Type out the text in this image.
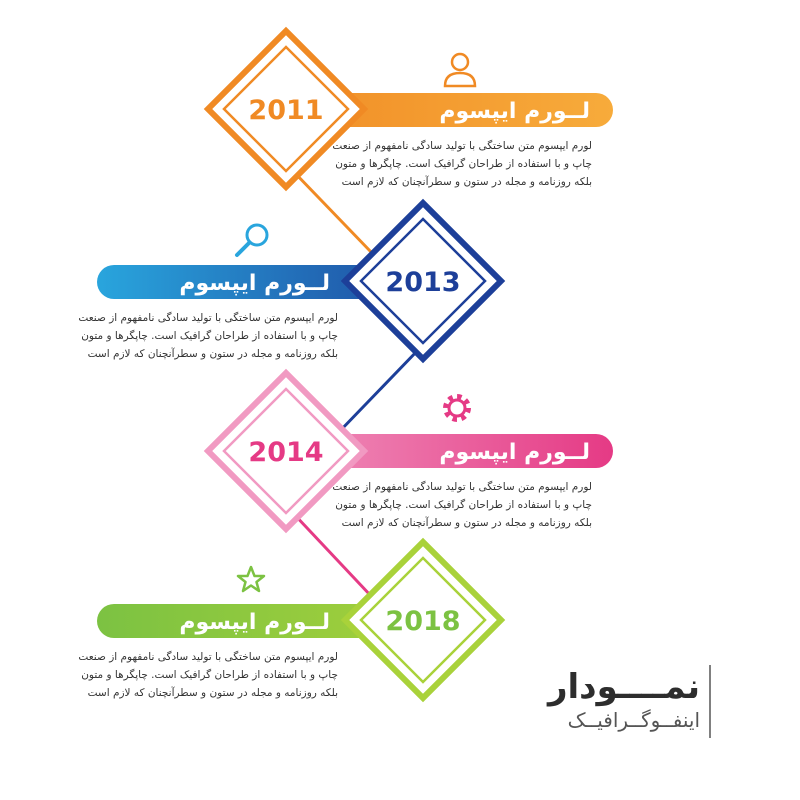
2011	لــورم ایپسوم
لورم ایپسوم متن ساختگی با تولید سادگی نامفهوم از صنعت
چاپ و با استفاده از طراحان گرافیک است. چاپگرها و متون
بلکه روزنامه و مجله در ستون و سطرآنچنان که لازم است
2013
لــورم ایپسوم
لورم ایپسوم متن ساختگی با تولید سادگی نامفهوم از صنعت
چاپ و با استفاده از طراحان گرافیک است. چاپگرها و متون
بلکه روزنامه و مجله در ستون و سطرآنچنان که لازم است
2014	لــورم ایپسوم
لورم ایپسوم متن ساختگی با تولید سادگی نامفهوم از صنعت
چاپ و با استفاده از طراحان گرافیک است. چاپگرها و متون
بلکه روزنامه و مجله در ستون و سطرآنچنان که لازم است
2018
لــورم ایپسوم
لورم ایپسوم متن ساختگی با تولید سادگی نامفهوم از صنعت
چاپ و با استفاده از طراحان گرافیک است. چاپگرها و متون
بلکه روزنامه و مجله در ستون و سطرآنچنان که لازم است	نمــــودار
اینفــوگــرافیــک
